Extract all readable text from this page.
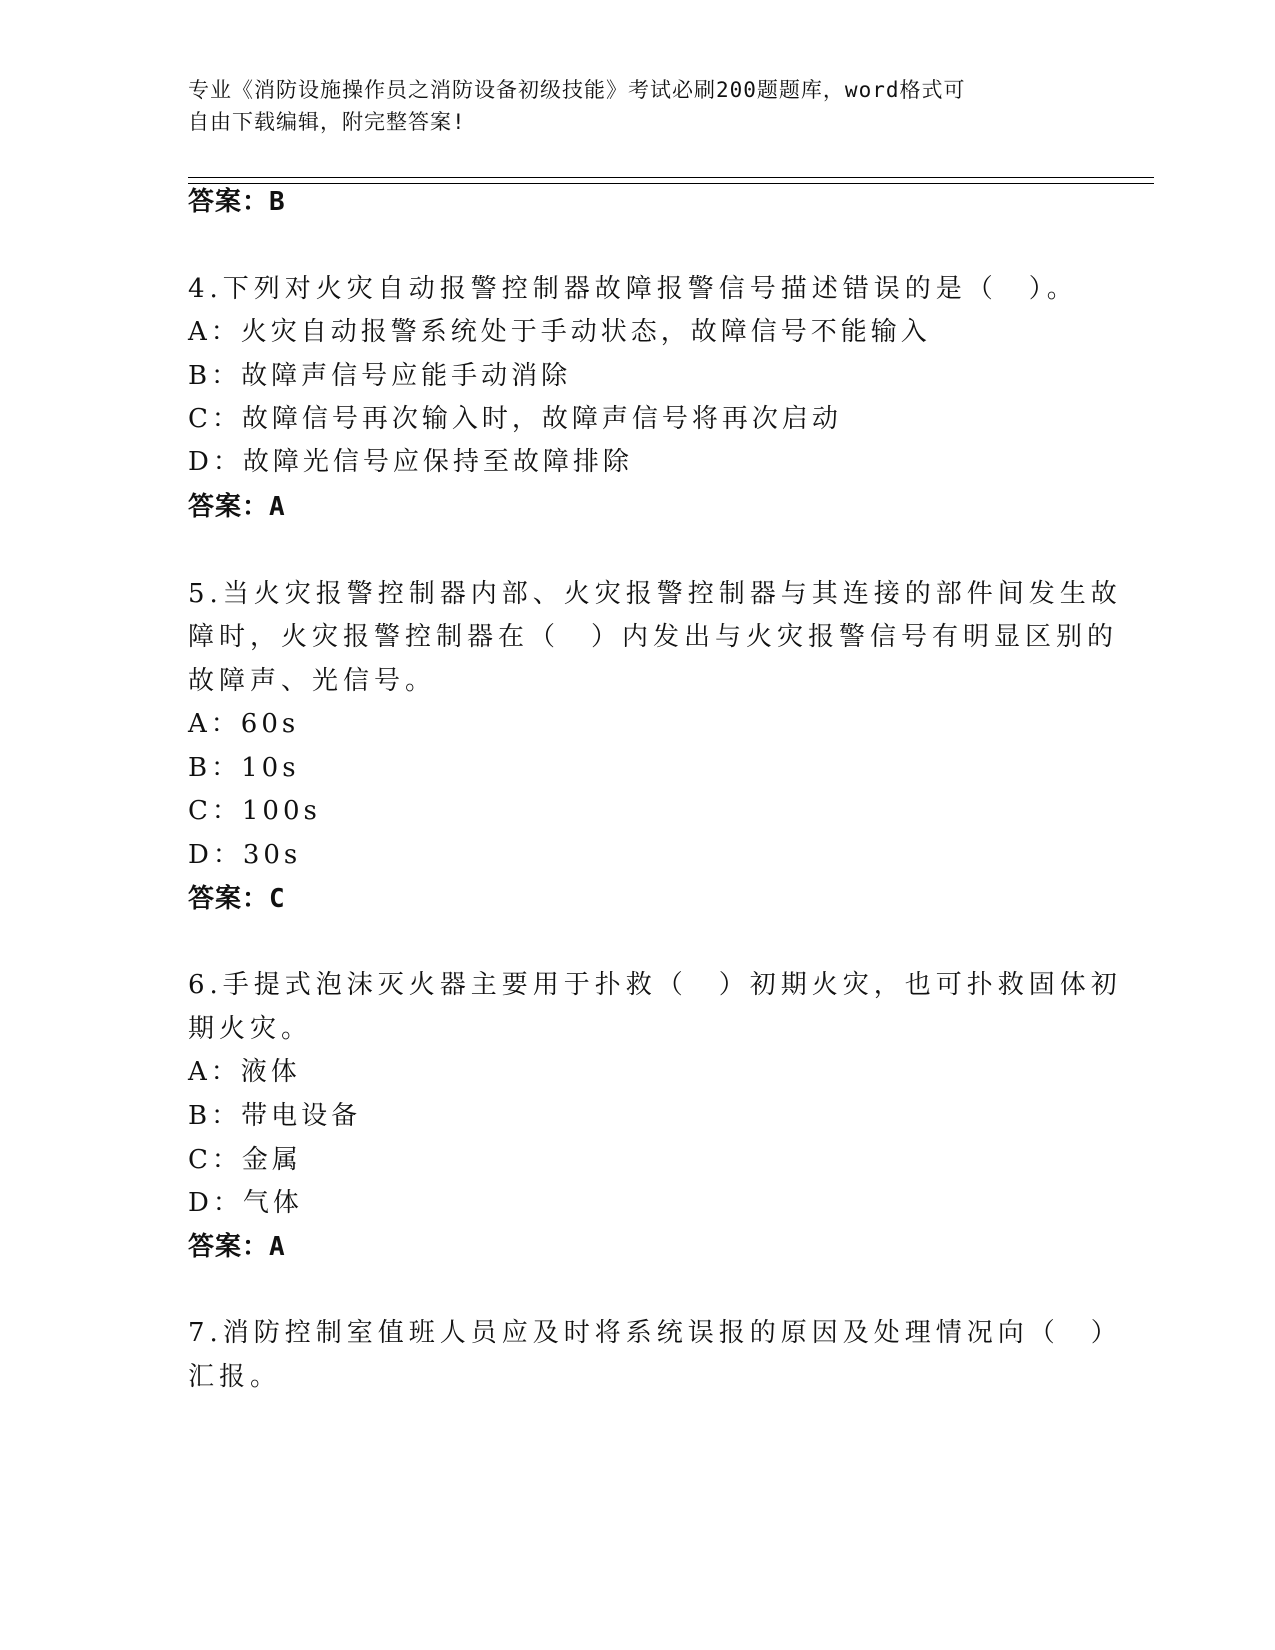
专业《消防设施操作员之消防设备初级技能》考试必刷200题题库，word格式可
自由下载编辑，附完整答案!
答案：B
4.下列对火灾自动报警控制器故障报警信号描述错误的是（　）。
A：火灾自动报警系统处于手动状态，故障信号不能输入
B：故障声信号应能手动消除
C：故障信号再次输入时，故障声信号将再次启动
D：故障光信号应保持至故障排除
答案：A
5.当火灾报警控制器内部、火灾报警控制器与其连接的部件间发生故
障时，火灾报警控制器在（　）内发出与火灾报警信号有明显区别的
故障声、光信号。
A：60s
B：10s
C：100s
D：30s
答案：C
6.手提式泡沫灭火器主要用于扑救（　）初期火灾，也可扑救固体初
期火灾。
A：液体
B：带电设备
C：金属
D：气体
答案：A
7.消防控制室值班人员应及时将系统误报的原因及处理情况向（　）
汇报。
